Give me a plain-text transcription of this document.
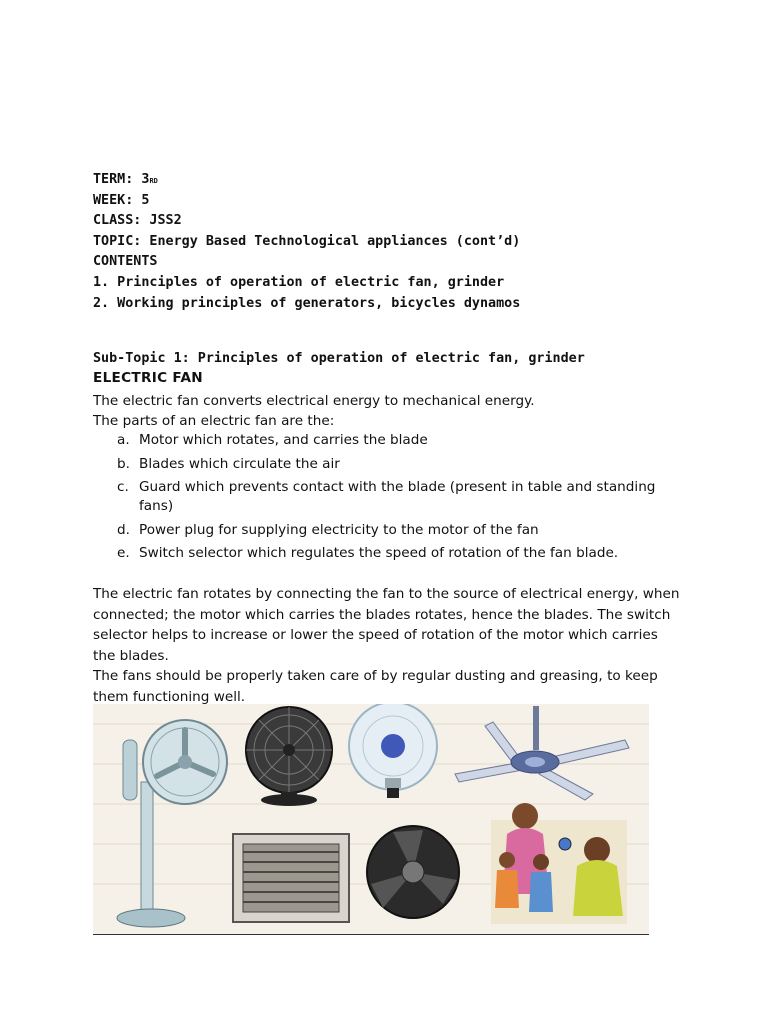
TERM: 3RD
WEEK: 5
CLASS: JSS2
TOPIC: Energy Based Technological appliances (cont’d)
CONTENTS
1. Principles of operation of electric fan, grinder
2. Working principles of generators, bicycles dynamos
Sub-Topic 1: Principles of operation of electric fan, grinder
ELECTRIC FAN
The electric fan converts electrical energy to mechanical energy.
The parts of an electric fan are the:
a. Motor which rotates, and carries the blade
b. Blades which circulate the air
c. Guard which prevents contact with the blade (present in table and standing fans)
d. Power plug for supplying electricity to the motor of the fan
e. Switch selector which regulates the speed of rotation of the fan blade.
The electric fan rotates by connecting the fan to the source of electrical energy, when connected; the motor which carries the blades rotates, hence the blades. The switch selector helps to increase or lower the speed of rotation of the motor which carries the blades.
The fans should be properly taken care of by regular dusting and greasing, to keep them functioning well.
